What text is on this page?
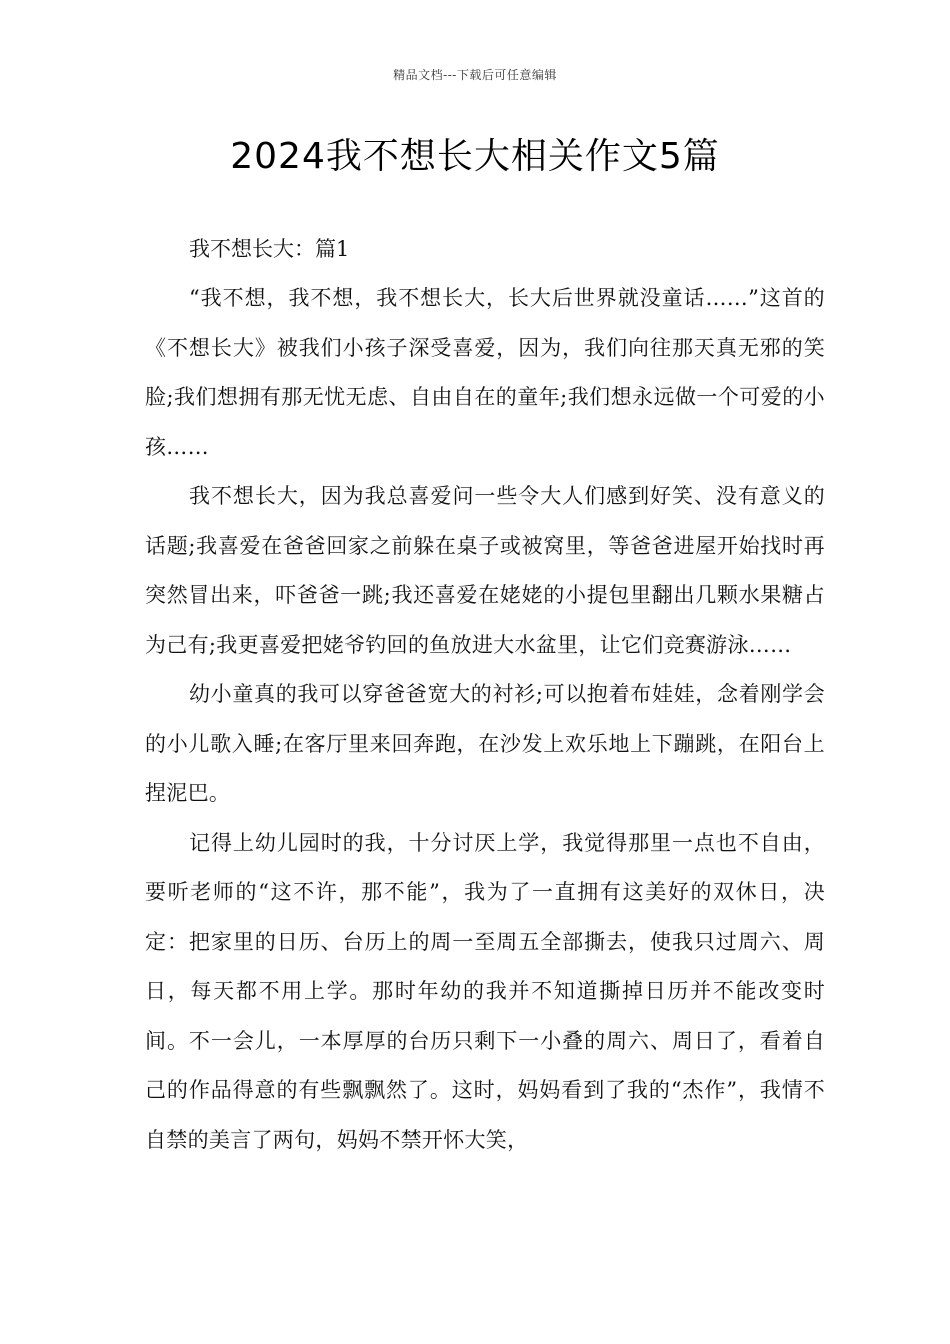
精品文档---下载后可任意编辑
2024我不想长大相关作文5篇

我不想长大：篇1

“我不想，我不想，我不想长大，长大后世界就没童话……”这首的《不想长大》被我们小孩子深受喜爱，因为，我们向往那天真无邪的笑脸;我们想拥有那无忧无虑、自由自在的童年;我们想永远做一个可爱的小孩……

我不想长大，因为我总喜爱问一些令大人们感到好笑、没有意义的话题;我喜爱在爸爸回家之前躲在桌子或被窝里，等爸爸进屋开始找时再突然冒出来，吓爸爸一跳;我还喜爱在姥姥的小提包里翻出几颗水果糖占为己有;我更喜爱把姥爷钓回的鱼放进大水盆里，让它们竞赛游泳……

幼小童真的我可以穿爸爸宽大的衬衫;可以抱着布娃娃，念着刚学会的小儿歌入睡;在客厅里来回奔跑，在沙发上欢乐地上下蹦跳，在阳台上捏泥巴。

记得上幼儿园时的我，十分讨厌上学，我觉得那里一点也不自由，要听老师的“这不许，那不能”，我为了一直拥有这美好的双休日，决定：把家里的日历、台历上的周一至周五全部撕去，使我只过周六、周日，每天都不用上学。那时年幼的我并不知道撕掉日历并不能改变时间。不一会儿，一本厚厚的台历只剩下一小叠的周六、周日了，看着自己的作品得意的有些飘飘然了。这时，妈妈看到了我的“杰作”，我情不自禁的美言了两句，妈妈不禁开怀大笑，
